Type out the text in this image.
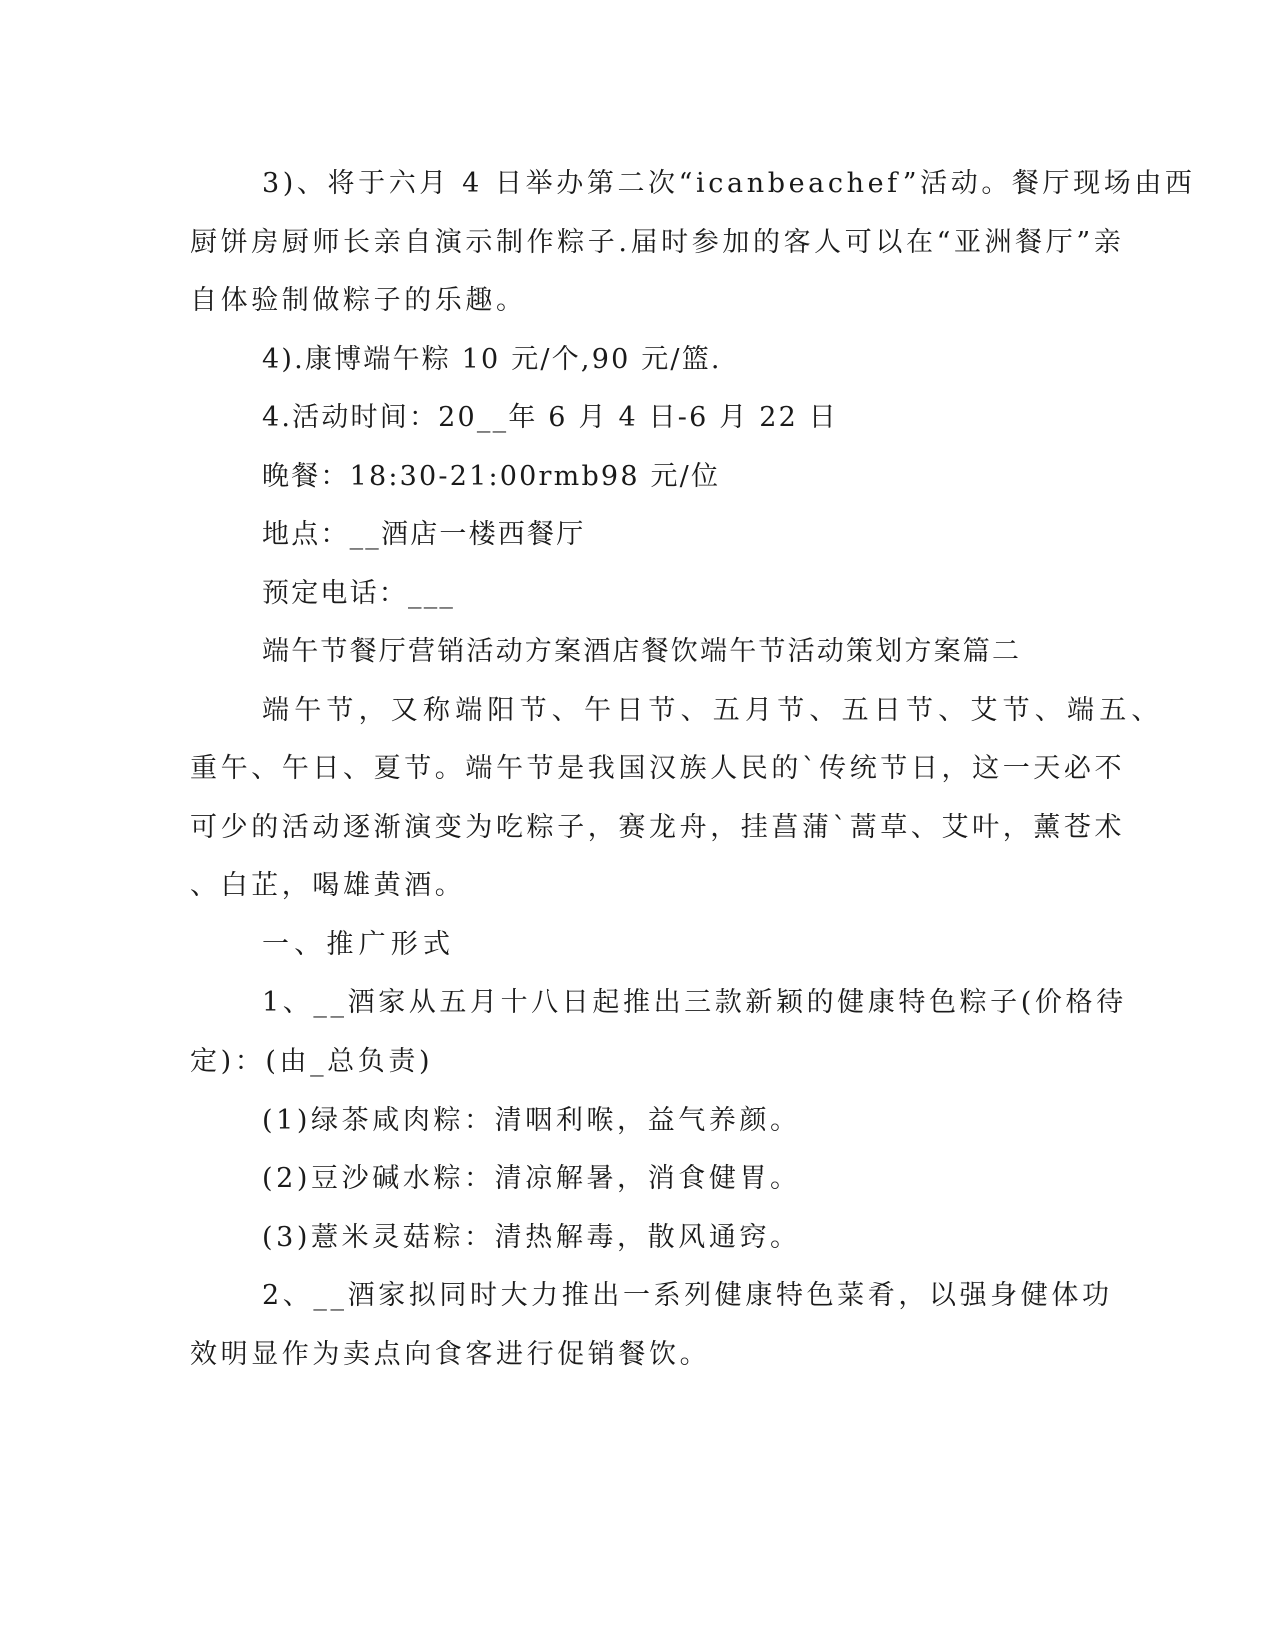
3)、将于六月 4 日举办第二次“icanbeachef”活动。餐厅现场由西
厨饼房厨师长亲自演示制作粽子.届时参加的客人可以在“亚洲餐厅”亲
自体验制做粽子的乐趣。
4).康博端午粽 10 元/个,90 元/篮.
4.活动时间：20__年 6 月 4 日-6 月 22 日
晚餐：18:30-21:00rmb98 元/位
地点：__酒店一楼西餐厅
预定电话：___
端午节餐厅营销活动方案酒店餐饮端午节活动策划方案篇二
端午节，又称端阳节、午日节、五月节、五日节、艾节、端五、
重午、午日、夏节。端午节是我国汉族人民的`传统节日，这一天必不
可少的活动逐渐演变为吃粽子，赛龙舟，挂菖蒲`蒿草、艾叶，薰苍术
、白芷，喝雄黄酒。
一、推广形式
1、__酒家从五月十八日起推出三款新颖的健康特色粽子(价格待
定)：(由_总负责)
(1)绿茶咸肉粽：清咽利喉，益气养颜。
(2)豆沙碱水粽：清凉解暑，消食健胃。
(3)薏米灵菇粽：清热解毒，散风通窍。
2、__酒家拟同时大力推出一系列健康特色菜肴，以强身健体功
效明显作为卖点向食客进行促销餐饮。
